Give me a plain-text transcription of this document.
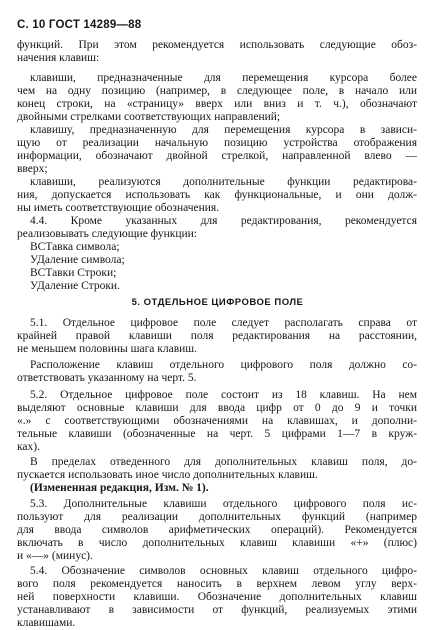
С. 10 ГОСТ 14289—88
5. ОТДЕЛЬНОЕ ЦИФРОВОЕ ПОЛЕ
функций. При этом рекомендуется использовать следующие обоз-
начения клавиш:
клавиши, предназначенные для перемещения курсора более
чем на одну позицию (например, в следующее поле, в начало или
конец строки, на «страницу» вверх или вниз и т. ч.), обозначают
двойными стрелками соответствующих направлений;
клавишу, предназначенную для перемещения курсора в зависи-
щую от реализации начальную позицию устройства отображения
информации, обозначают двойной стрелкой, направленной влево —
вверх;
клавиши, реализуются дополнительные функции редактирова-
ния, допускается использовать как функциональные, и они долж-
ны иметь соответствующие обозначения.
4.4. Кроме указанных для редактирования, рекомендуется
реализовывать следующие функции:
ВСТавка символа;
УДаление символа;
ВСТавки Строки;
УДаление Строки.
5.1. Отдельное цифровое поле следует располагать справа от
крайней правой клавиши поля редактирования на расстоянии,
не меньшем половины шага клавиш.
Расположение клавиш отдельного цифрового поля должно со-
ответствовать указанному на черт. 5.
5.2. Отдельное цифровое поле состоит из 18 клавиш. На нем
выделяют основные клавиши для ввода цифр от 0 до 9 и точки
«.» с соответствующими обозначениями на клавишах, и дополни-
тельные клавиши (обозначенные на черт. 5 цифрами 1—7 в круж-
ках).
В пределах отведенного для дополнительных клавиш поля, до-
пускается использовать иное число дополнительных клавиш.
(Измененная редакция, Изм. № 1).
5.3. Дополнительные клавиши отдельного цифрового поля ис-
пользуют для реализации дополнительных функций (например
для ввода символов арифметических операций). Рекомендуется
включать в число дополнительных клавиш клавиши «+» (плюс)
и «—» (минус).
5.4. Обозначение символов основных клавиш отдельного цифро-
вого поля рекомендуется наносить в верхнем левом углу верх-
ней поверхности клавиши. Обозначение дополнительных клавиш
устанавливают в зависимости от функций, реализуемых этими
клавишами.
